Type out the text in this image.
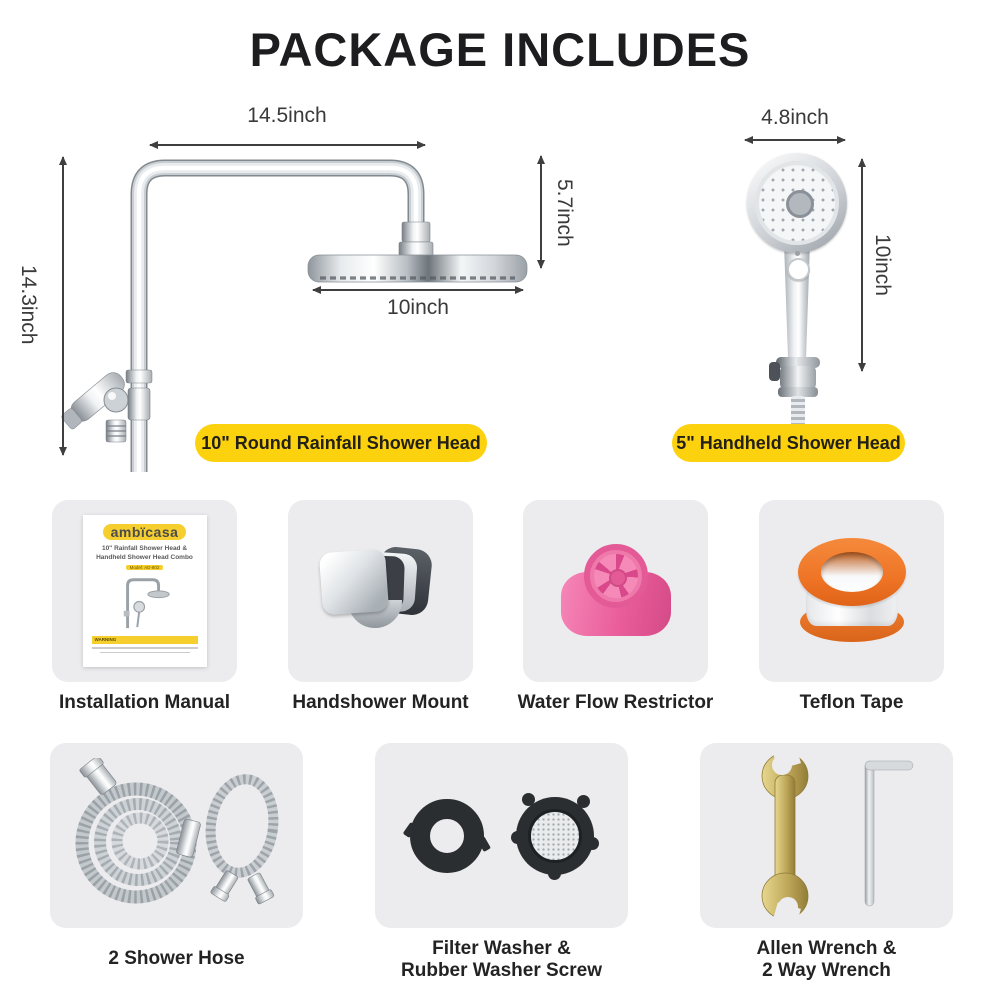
PACKAGE INCLUDES
14.5inch
5.7inch
10inch
14.3inch
4.8inch
10inch
10" Round Rainfall Shower Head	5" Handheld Shower Head
ambïcasa
10" Rainfall Shower Head &
Handheld Shower Head Combo
Model: AD-802
WARNING
Installation Manual	Handshower Mount	Water Flow Restrictor	Teflon Tape
2 Shower Hose	Filter Washer &
Rubber Washer Screw
Allen Wrench &
2 Way Wrench
